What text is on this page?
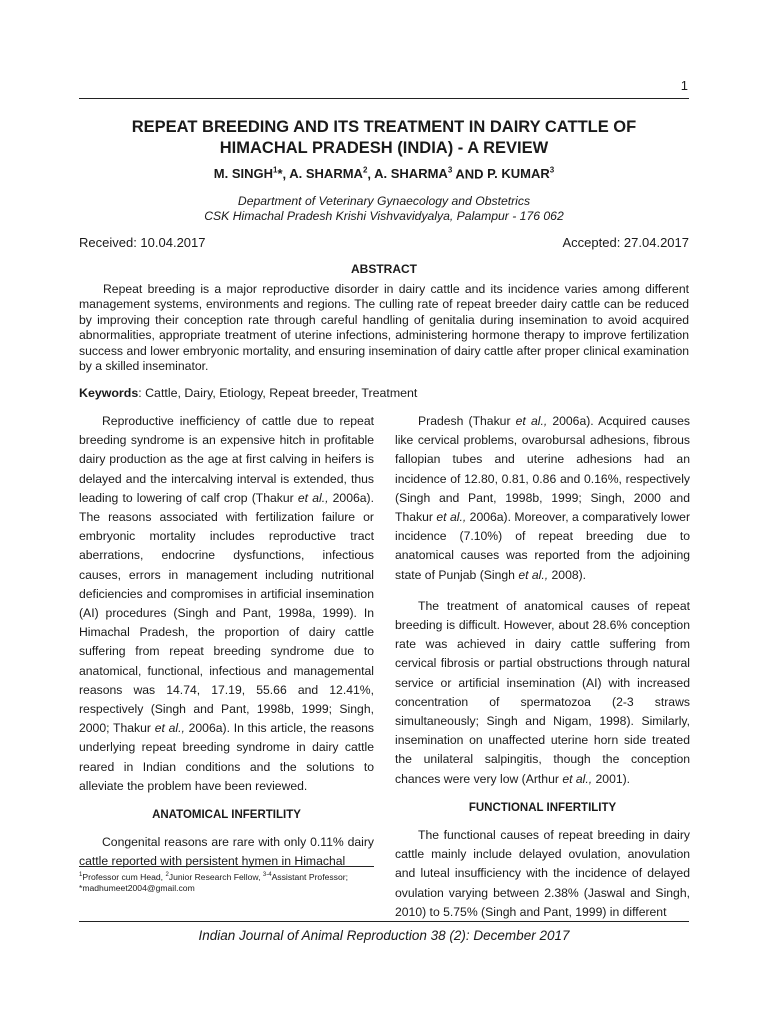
1
REPEAT BREEDING AND ITS TREATMENT IN DAIRY CATTLE OF
HIMACHAL PRADESH (INDIA) - A REVIEW
M. SINGH$^1$*, A. SHARMA$^2$, A. SHARMA$^3$ AND P. KUMAR$^3$
Department of Veterinary Gynaecology and Obstetrics
CSK Himachal Pradesh Krishi Vishvavidyalya, Palampur - 176 062
Received: 10.04.2017	Accepted: 27.04.2017
ABSTRACT

Repeat breeding is a major reproductive disorder in dairy cattle and its incidence varies among different management systems, environments and regions. The culling rate of repeat breeder dairy cattle can be reduced by improving their conception rate through careful handling of genitalia during insemination to avoid acquired abnormalities, appropriate treatment of uterine infections, administering hormone therapy to improve fertilization success and lower embryonic mortality, and ensuring insemination of dairy cattle after proper clinical examination by a skilled inseminator.

Keywords: Cattle, Dairy, Etiology, Repeat breeder, Treatment

Reproductive inefficiency of cattle due to repeat breeding syndrome is an expensive hitch in profitable dairy production as the age at first calving in heifers is delayed and the intercalving interval is extended, thus leading to lowering of calf crop (Thakur et al., 2006a). The reasons associated with fertilization failure or embryonic mortality includes reproductive tract aberrations, endocrine dysfunctions, infectious causes, errors in management including nutritional deficiencies and compromises in artificial insemination (AI) procedures (Singh and Pant, 1998a, 1999). In Himachal Pradesh, the proportion of dairy cattle suffering from repeat breeding syndrome due to anatomical, functional, infectious and managemental reasons was 14.74, 17.19, 55.66 and 12.41%, respectively (Singh and Pant, 1998b, 1999; Singh, 2000; Thakur et al., 2006a). In this article, the reasons underlying repeat breeding syndrome in dairy cattle reared in Indian conditions and the solutions to alleviate the problem have been reviewed.

ANATOMICAL INFERTILITY

Congenital reasons are rare with only 0.11% dairy cattle reported with persistent hymen in Himachal

Pradesh (Thakur et al., 2006a). Acquired causes like cervical problems, ovarobursal adhesions, fibrous fallopian tubes and uterine adhesions had an incidence of 12.80, 0.81, 0.86 and 0.16%, respectively (Singh and Pant, 1998b, 1999; Singh, 2000 and Thakur et al., 2006a). Moreover, a comparatively lower incidence (7.10%) of repeat breeding due to anatomical causes was reported from the adjoining state of Punjab (Singh et al., 2008).

The treatment of anatomical causes of repeat breeding is difficult. However, about 28.6% conception rate was achieved in dairy cattle suffering from cervical fibrosis or partial obstructions through natural service or artificial insemination (AI) with increased concentration of spermatozoa (2-3 straws simultaneously; Singh and Nigam, 1998). Similarly, insemination on unaffected uterine horn side treated the unilateral salpingitis, though the conception chances were very low (Arthur et al., 2001).

FUNCTIONAL INFERTILITY

The functional causes of repeat breeding in dairy cattle mainly include delayed ovulation, anovulation and luteal insufficiency with the incidence of delayed ovulation varying between 2.38% (Jaswal and Singh, 2010) to 5.75% (Singh and Pant, 1999) in different

$^1$Professor cum Head, $^2$Junior Research Fellow, $^{3-4}$Assistant Professor;
*madhumeet2004@gmail.com
Indian Journal of Animal Reproduction 38 (2): December 2017
